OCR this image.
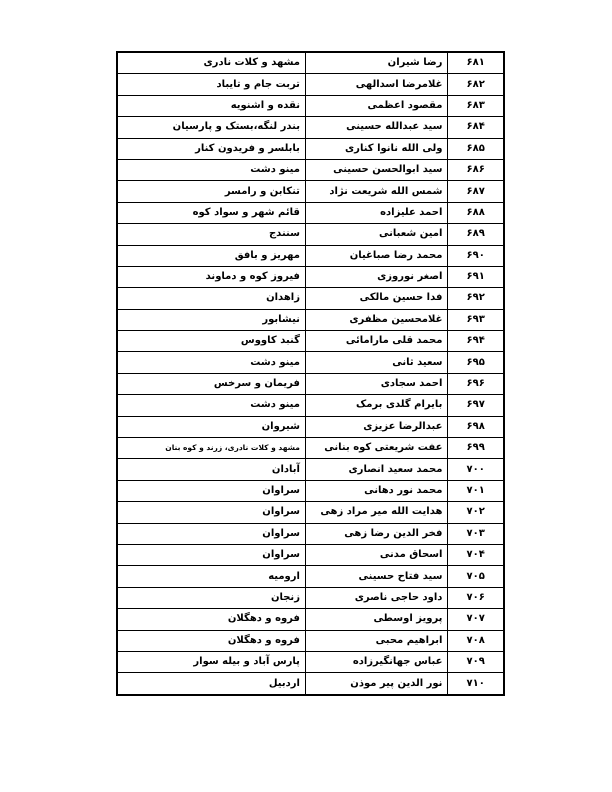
۶۸۱	رضا شیران	مشهد و کلات نادری
۶۸۲	غلامرضا اسدالهی	تربت جام و تایباد
۶۸۳	مقصود اعظمی	نقده و اشنویه
۶۸۴	سید عبدالله حسینی	بندر لنگه،بستک و پارسیان
۶۸۵	ولی الله نانوا کناری	بابلسر و فریدون کنار
۶۸۶	سید ابوالحسن حسینی	مینو دشت
۶۸۷	شمس الله شریعت نژاد	تنکابن و رامسر
۶۸۸	احمد علیزاده	قائم شهر و سواد کوه
۶۸۹	امین شعبانی	سنندج
۶۹۰	محمد رضا صباغیان	مهریز و بافق
۶۹۱	اصغر نوروزی	فیروز کوه و دماوند
۶۹۲	فدا حسین مالکی	زاهدان
۶۹۳	غلامحسین مظفری	نیشابور
۶۹۴	محمد قلی مارامائی	گنبد کاووس
۶۹۵	سعید ثانی	مینو دشت
۶۹۶	احمد سجادی	فریمان و سرخس
۶۹۷	بایرام گلدی برمک	مینو دشت
۶۹۸	عبدالرضا عزیزی	شیروان
۶۹۹	عفت شریعتی کوه بنانی	مشهد و کلات نادری، زرند و کوه بنان
۷۰۰	محمد سعید انصاری	آبادان
۷۰۱	محمد نور دهانی	سراوان
۷۰۲	هدایت الله میر مراد زهی	سراوان
۷۰۳	فخر الدین رضا زهی	سراوان
۷۰۴	اسحاق مدنی	سراوان
۷۰۵	سید فتاح حسینی	ارومیه
۷۰۶	داود حاجی ناصری	زنجان
۷۰۷	پرویز اوسطی	فروه و دهگلان
۷۰۸	ابراهیم محبی	فروه و دهگلان
۷۰۹	عباس جهانگیرزاده	پارس آباد و بیله سوار
۷۱۰	نور الدین پیر موذن	اردبیل
